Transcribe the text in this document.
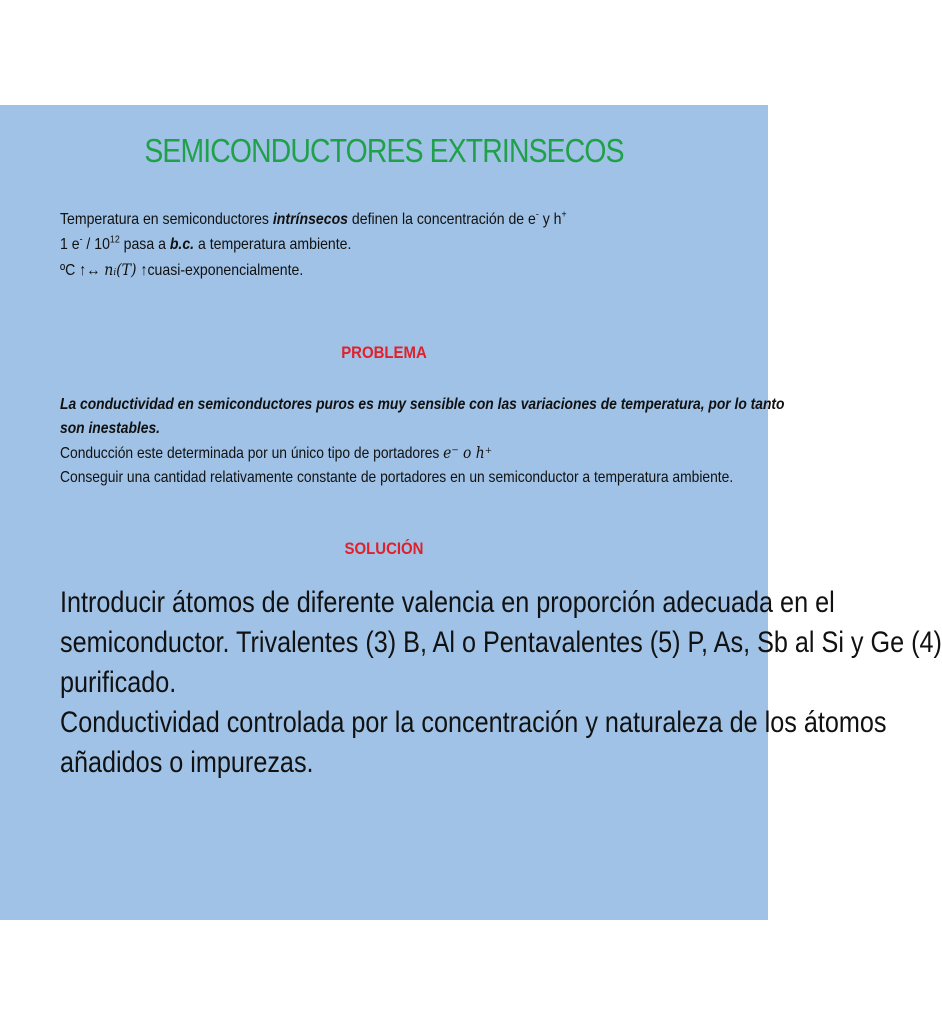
SEMICONDUCTORES EXTRINSECOS
Temperatura en semiconductores intrínsecos definen la concentración de e- y h+
1 $e^- / 10^{12}$ pasa a b.c. a temperatura ambiente.
ºC ↑↔ nᵢ(T) ↑cuasi-exponencialmente.
PROBLEMA
La conductividad en semiconductores puros es muy sensible con las variaciones de temperatura, por lo tanto
son inestables.
Conducción este determinada por un único tipo de portadores e⁻ o h⁺
Conseguir una cantidad relativamente constante de portadores en un semiconductor a temperatura ambiente.
SOLUCIÓN
Introducir átomos de diferente valencia en proporción adecuada en el
semiconductor. Trivalentes (3) B, Al o Pentavalentes (5) P, As, Sb al Si y Ge (4)
purificado.
Conductividad controlada por la concentración y naturaleza de los átomos
añadidos o impurezas.
